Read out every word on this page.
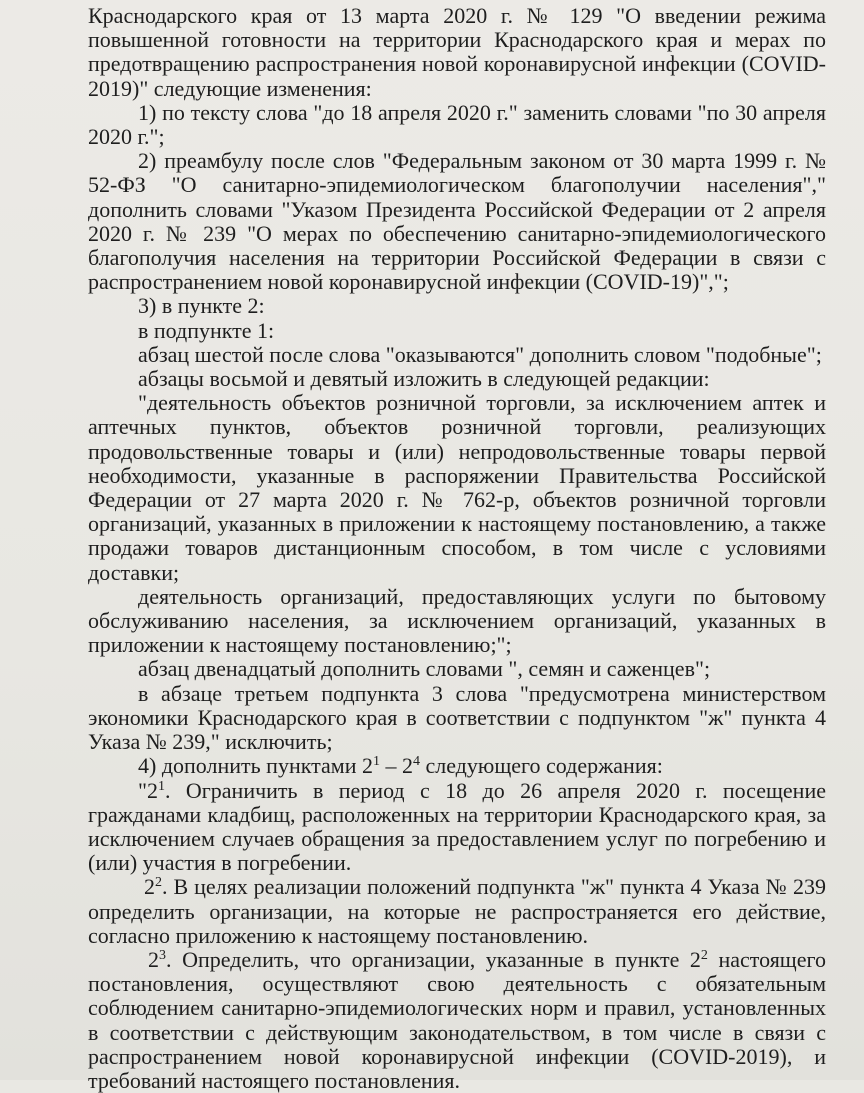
Краснодарского края от 13 марта 2020 г. № 129 "О введении режима повышенной готовности на территории Краснодарского края и мерах по предотвращению распространения новой коронавирусной инфекции (COVID-2019)" следующие изменения:

1) по тексту слова "до 18 апреля 2020 г." заменить словами "по 30 апреля 2020 г.";

2) преамбулу после слов "Федеральным законом от 30 марта 1999 г. № 52-ФЗ "О санитарно-эпидемиологическом благополучии населения"," дополнить словами "Указом Президента Российской Федерации от 2 апреля 2020 г. № 239 "О мерах по обеспечению санитарно-эпидемиологического благополучия населения на территории Российской Федерации в связи с распространением новой коронавирусной инфекции (COVID-19)",";

3) в пункте 2:

в подпункте 1:

абзац шестой после слова "оказываются" дополнить словом "подобные";

абзацы восьмой и девятый изложить в следующей редакции:

"деятельность объектов розничной торговли, за исключением аптек и аптечных пунктов, объектов розничной торговли, реализующих продовольственные товары и (или) непродовольственные товары первой необходимости, указанные в распоряжении Правительства Российской Федерации от 27 марта 2020 г. № 762-р, объектов розничной торговли организаций, указанных в приложении к настоящему постановлению, а также продажи товаров дистанционным способом, в том числе с условиями доставки;

деятельность организаций, предоставляющих услуги по бытовому обслуживанию населения, за исключением организаций, указанных в приложении к настоящему постановлению;";

абзац двенадцатый дополнить словами ", семян и саженцев";

в абзаце третьем подпункта 3 слова "предусмотрена министерством экономики Краснодарского края в соответствии с подпунктом "ж" пункта 4 Указа № 239," исключить;

4) дополнить пунктами $2^1 - 2^4$ следующего содержания:

"$2^1$. Ограничить в период с 18 до 26 апреля 2020 г. посещение гражданами кладбищ, расположенных на территории Краснодарского края, за исключением случаев обращения за предоставлением услуг по погребению и (или) участия в погребении.

$2^2$. В целях реализации положений подпункта "ж" пункта 4 Указа № 239 определить организации, на которые не распространяется его действие, согласно приложению к настоящему постановлению.

$2^3$. Определить, что организации, указанные в пункте $2^2$ настоящего постановления, осуществляют свою деятельность с обязательным соблюдением санитарно-эпидемиологических норм и правил, установленных в соответствии с действующим законодательством, в том числе в связи с распространением новой коронавирусной инфекции (COVID-2019), и требований настоящего постановления.
